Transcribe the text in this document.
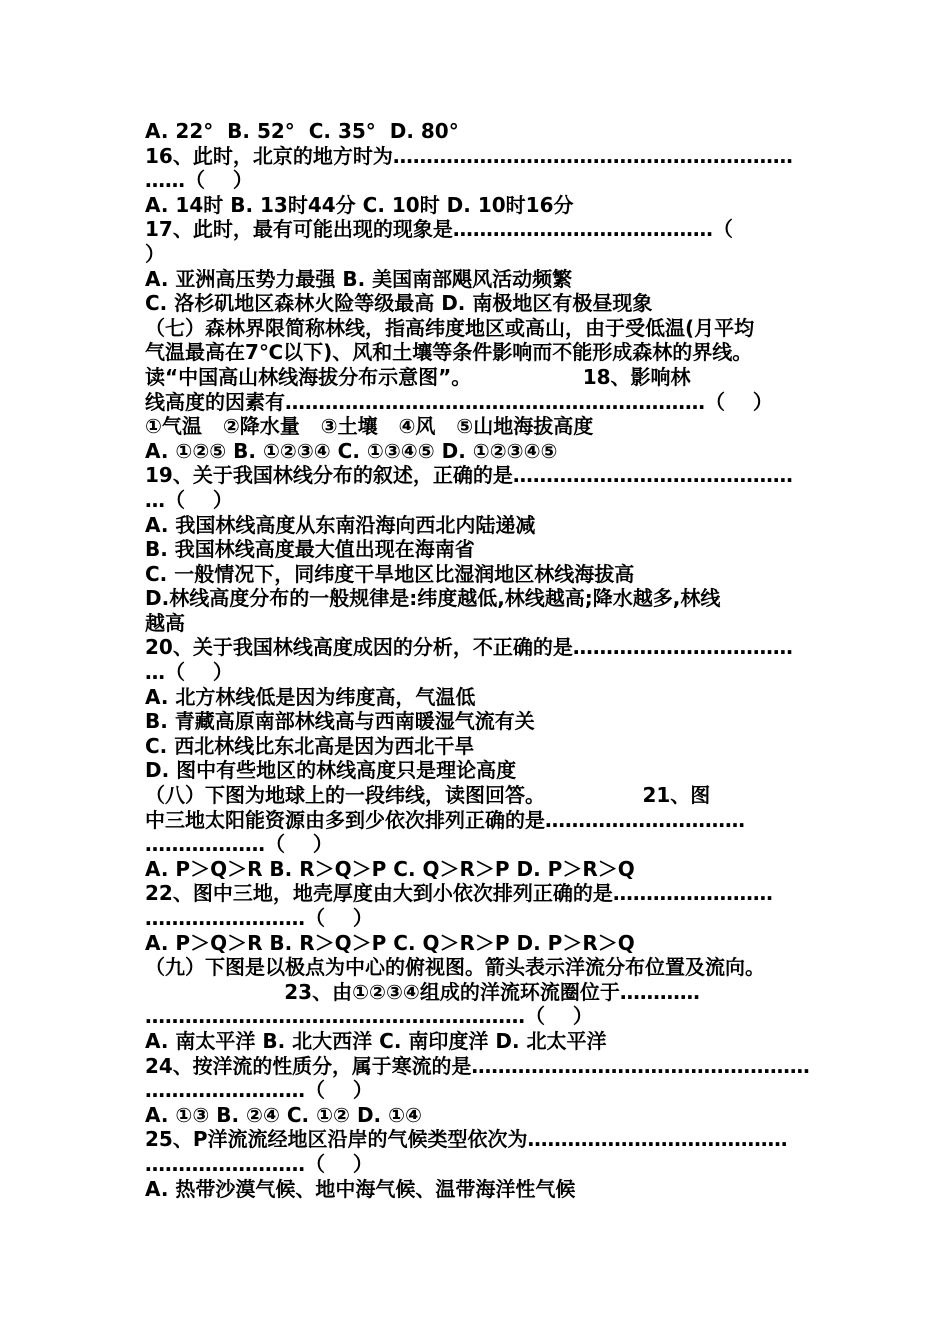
A. 22°  B. 52°  C. 35°  D. 80°
16、此时，北京的地方时为……………………………………………………
……（    ）
A. 14时 B. 13时44分 C. 10时 D. 10时16分
17、此时，最有可能出现的现象是…………………………………（
）
A. 亚洲高压势力最强 B. 美国南部飓风活动频繁
C. 洛杉矶地区森林火险等级最高 D. 南极地区有极昼现象
（七）森林界限简称林线，指高纬度地区或高山，由于受低温(月平均
气温最高在7℃以下)、风和土壤等条件影响而不能形成森林的界线。
读“中国高山林线海拔分布示意图”。                18、影响林
线高度的因素有………………………………………………………（    ）
①气温   ②降水量   ③土壤   ④风   ⑤山地海拔高度
A. ①②⑤ B. ①②③④ C. ①③④⑤ D. ①②③④⑤
19、关于我国林线分布的叙述，正确的是……………………………………
…（    ）
A. 我国林线高度从东南沿海向西北内陆递减
B. 我国林线高度最大值出现在海南省
C. 一般情况下，同纬度干旱地区比湿润地区林线海拔高
D.林线高度分布的一般规律是:纬度越低,林线越高;降水越多,林线
越高
20、关于我国林线高度成因的分析，不正确的是……………………………
…（    ）
A. 北方林线低是因为纬度高，气温低
B. 青藏高原南部林线高与西南暖湿气流有关
C. 西北林线比东北高是因为西北干旱
D. 图中有些地区的林线高度只是理论高度
（八）下图为地球上的一段纬线，读图回答。              21、图
中三地太阳能资源由多到少依次排列正确的是…………………………
………………（    ）
A. P＞Q＞R B. R＞Q＞P C. Q＞R＞P D. P＞R＞Q
22、图中三地，地壳厚度由大到小依次排列正确的是……………………
……………………（    ）
A. P＞Q＞R B. R＞Q＞P C. Q＞R＞P D. P＞R＞Q
（九）下图是以极点为中心的俯视图。箭头表示洋流分布位置及流向。
23、由①②③④组成的洋流环流圈位于…………
…………………………………………………（    ）
A. 南太平洋 B. 北大西洋 C. 南印度洋 D. 北太平洋
24、按洋流的性质分，属于寒流的是……………………………………………
……………………（    ）
A. ①③ B. ②④ C. ①② D. ①④
25、P洋流流经地区沿岸的气候类型依次为…………………………………
……………………（    ）
A. 热带沙漠气候、地中海气候、温带海洋性气候
